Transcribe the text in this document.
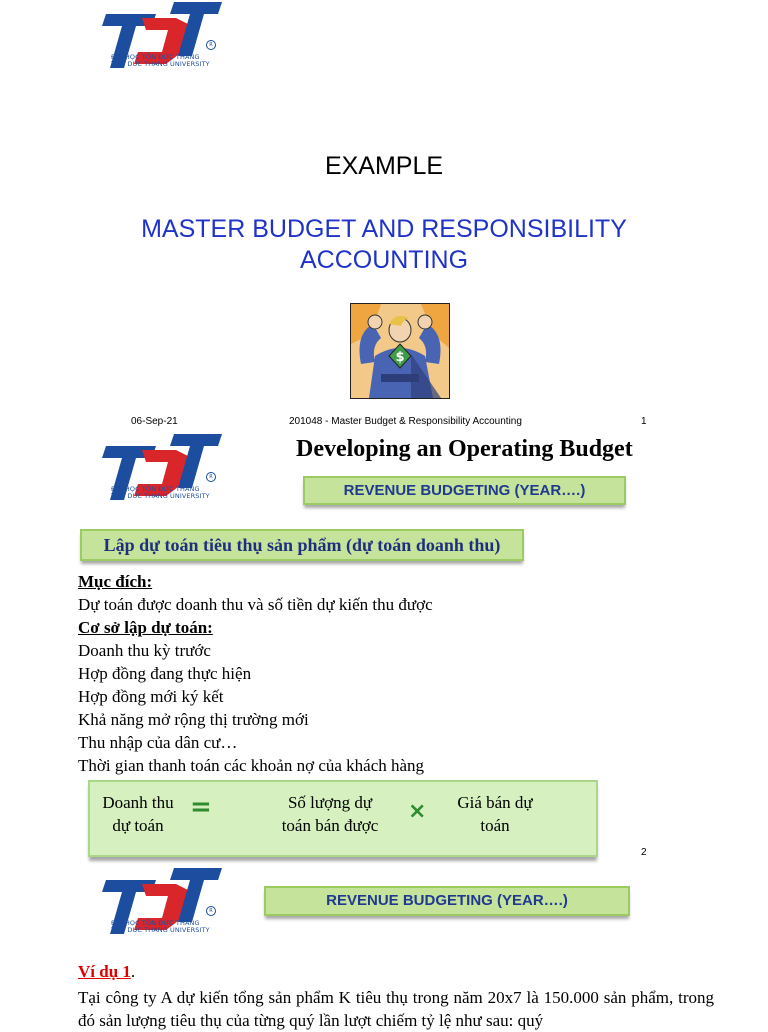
R
ĐẠI HỌC TÔN ĐỨC THẮNG
TON DUC THANG UNIVERSITY
EXAMPLE
MASTER BUDGET AND RESPONSIBILITY
ACCOUNTING
$
06-Sep-21	201048 - Master Budget & Responsibility Accounting	1
R
ĐẠI HỌC TÔN ĐỨC THẮNG
TON DUC THANG UNIVERSITY
Developing an Operating Budget
REVENUE BUDGETING (YEAR….)
Lập dự toán tiêu thụ sản phẩm (dự toán doanh thu)
Mục đích:
Dự toán được doanh thu và số tiền dự kiến thu được
Cơ sở lập dự toán:
Doanh thu kỳ trước
Hợp đồng đang thực hiện
Hợp đồng mới ký kết
Khả năng mở rộng thị trường mới
Thu nhập của dân cư…
Thời gian thanh toán các khoản nợ của khách hàng
Doanh thu
dự toán
=	Số lượng dự
toán bán được
×	Giá bán dự
toán
2
R
ĐẠI HỌC TÔN ĐỨC THẮNG
TON DUC THANG UNIVERSITY
REVENUE BUDGETING (YEAR….)
Ví dụ 1.
Tại công ty A dự kiến tổng sản phẩm K tiêu thụ trong năm 20x7 là 150.000 sản phẩm, trong đó sản lượng tiêu thụ của từng quý lần lượt chiếm tỷ lệ như sau: quý
